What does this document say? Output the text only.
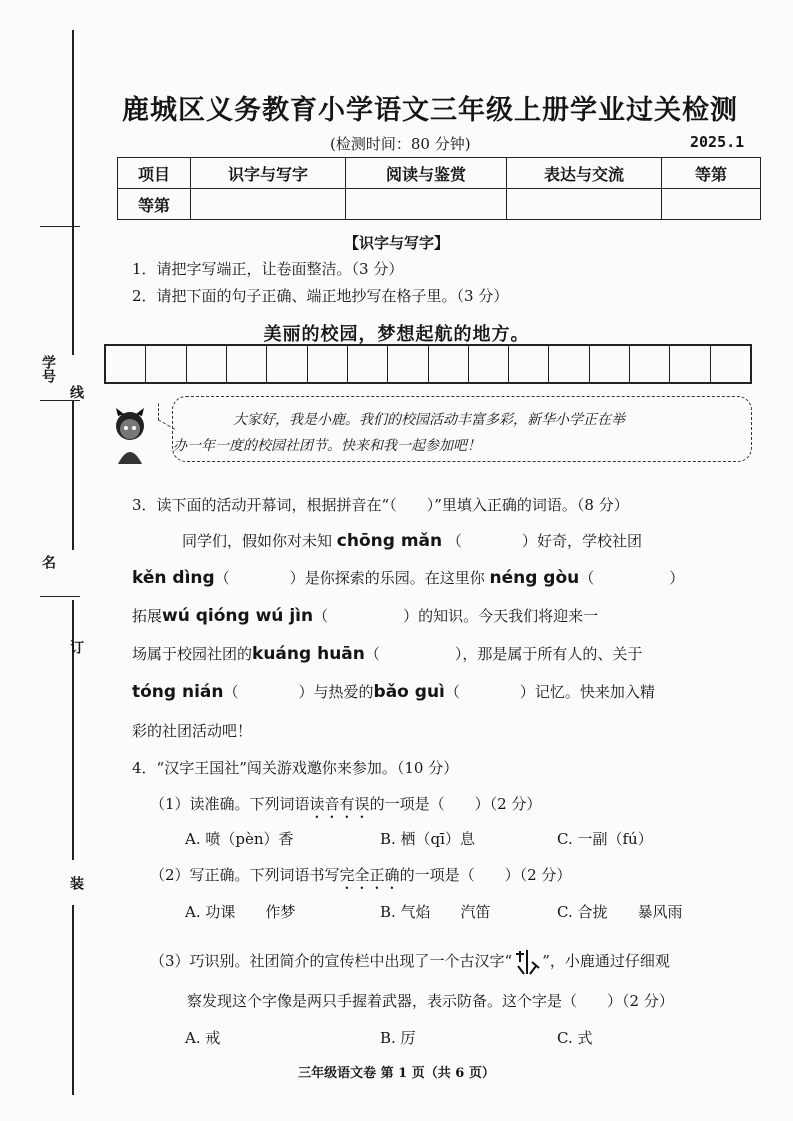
学号
线
名
订
装
鹿城区义务教育小学语文三年级上册学业过关检测
(检测时间：80 分钟)	2025.1
项目	识字与写字	阅读与鉴赏	表达与交流	等第
等第				
【识字与写字】
1．请把字写端正，让卷面整洁。（3 分）
2．请把下面的句子正确、端正地抄写在格子里。（3 分）
美丽的校园，梦想起航的地方。
大家好，我是小鹿。我们的校园活动丰富多彩，新华小学正在举
办一年一度的校园社团节。快来和我一起参加吧！
3．读下面的活动开幕词，根据拼音在“（　　）”里填入正确的词语。（8 分）
同学们，假如你对未知 chōng mǎn （　　　　）好奇，学校社团
kěn dìng（　　　　）是你探索的乐园。在这里你 néng gòu（　　　　　）
拓展wú qióng wú jìn（　　　　　）的知识。今天我们将迎来一
场属于校园社团的kuáng huān（　　　　　），那是属于所有人的、关于
tóng nián（　　　　）与热爱的bǎo guì（　　　　）记忆。快来加入精
彩的社团活动吧！
4．“汉字王国社”闯关游戏邀你来参加。（10 分）
（1）读准确。下列词语读音有误的一项是（　　）（2 分）
A. 喷（pèn）香	B. 栖（qī）息	C. 一副（fú）
（2）写正确。下列词语书写完全正确的一项是（　　）（2 分）
A. 功课　　作梦	B. 气焰　　汽笛	C. 合拢　　暴风雨
（3）巧识别。社团简介的宣传栏中出现了一个古汉字“ ”，小鹿通过仔细观
察发现这个字像是两只手握着武器，表示防备。这个字是（　　）（2 分）
A. 戒	B. 厉	C. 式
三年级语文卷 第 1 页（共 6 页）
